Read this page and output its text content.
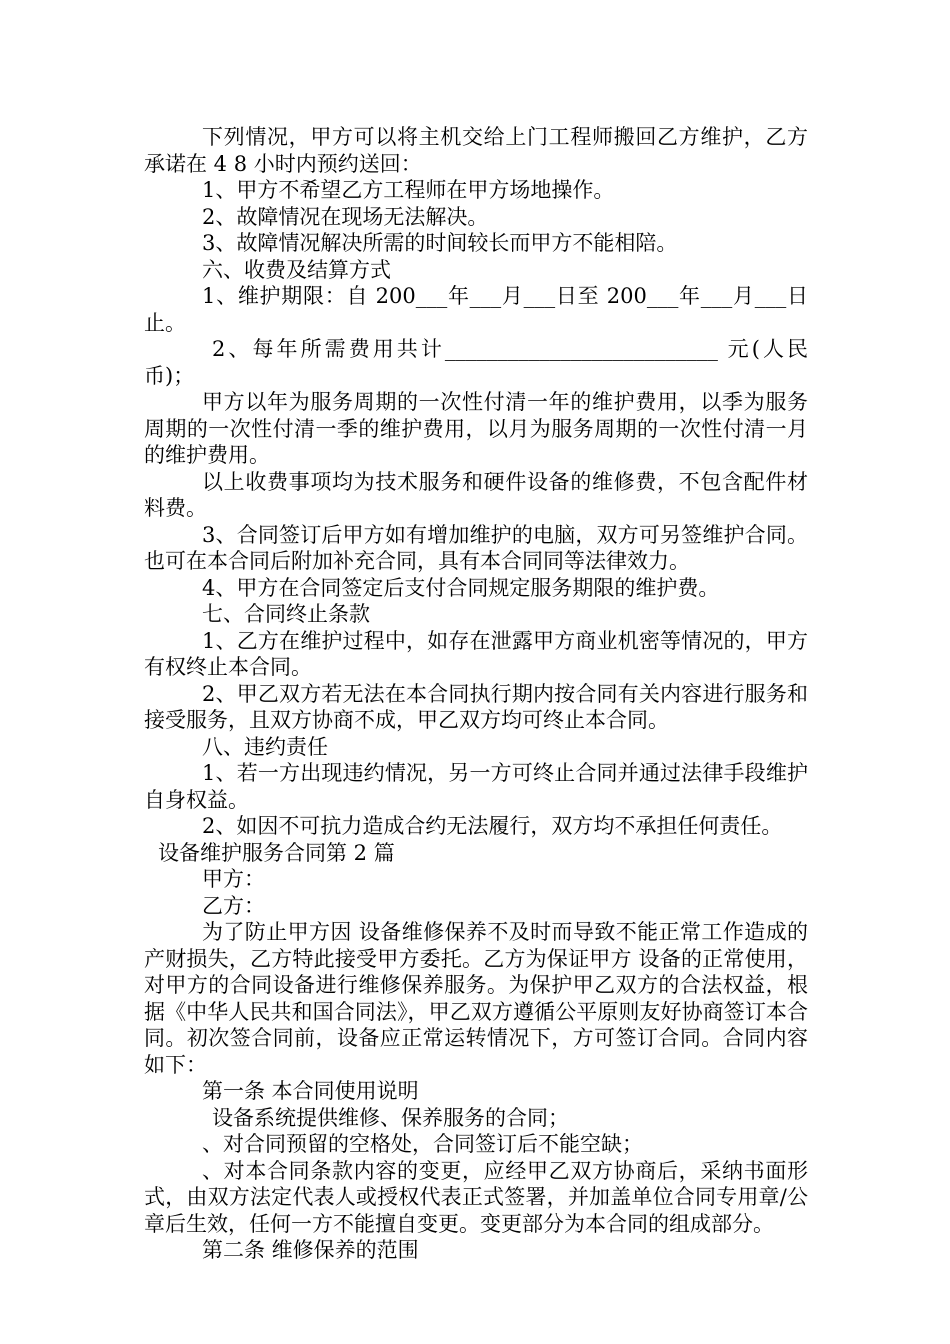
下列情况，甲方可以将主机交给上门工程师搬回乙方维护，乙方承诺在 4 8 小时内预约送回：

1、甲方不希望乙方工程师在甲方场地操作。

2、故障情况在现场无法解决。

3、故障情况解决所需的时间较长而甲方不能相陪。

六、收费及结算方式

1、维护期限：自 200___年___月___日至 200___年___月___日止。

2、每年所需费用共计__________________________ 元(人民币)；

甲方以年为服务周期的一次性付清一年的维护费用，以季为服务周期的一次性付清一季的维护费用，以月为服务周期的一次性付清一月的维护费用。

以上收费事项均为技术服务和硬件设备的维修费，不包含配件材料费。

3、合同签订后甲方如有增加维护的电脑，双方可另签维护合同。也可在本合同后附加补充合同，具有本合同同等法律效力。

4、甲方在合同签定后支付合同规定服务期限的维护费。

七、合同终止条款

1、乙方在维护过程中，如存在泄露甲方商业机密等情况的，甲方有权终止本合同。

2、甲乙双方若无法在本合同执行期内按合同有关内容进行服务和接受服务，且双方协商不成，甲乙双方均可终止本合同。

八、违约责任

1、若一方出现违约情况，另一方可终止合同并通过法律手段维护自身权益。

2、如因不可抗力造成合约无法履行，双方均不承担任何责任。

设备维护服务合同第 2 篇

甲方：

乙方：

为了防止甲方因 设备维修保养不及时而导致不能正常工作造成的产财损失，乙方特此接受甲方委托。乙方为保证甲方 设备的正常使用，对甲方的合同设备进行维修保养服务。为保护甲乙双方的合法权益，根据《中华人民共和国合同法》，甲乙双方遵循公平原则友好协商签订本合同。初次签合同前，设备应正常运转情况下，方可签订合同。合同内容如下：

第一条 本合同使用说明

设备系统提供维修、保养服务的合同；

、对合同预留的空格处，合同签订后不能空缺；

、对本合同条款内容的变更，应经甲乙双方协商后，采纳书面形式，由双方法定代表人或授权代表正式签署，并加盖单位合同专用章/公章后生效，任何一方不能擅自变更。变更部分为本合同的组成部分。

第二条 维修保养的范围
